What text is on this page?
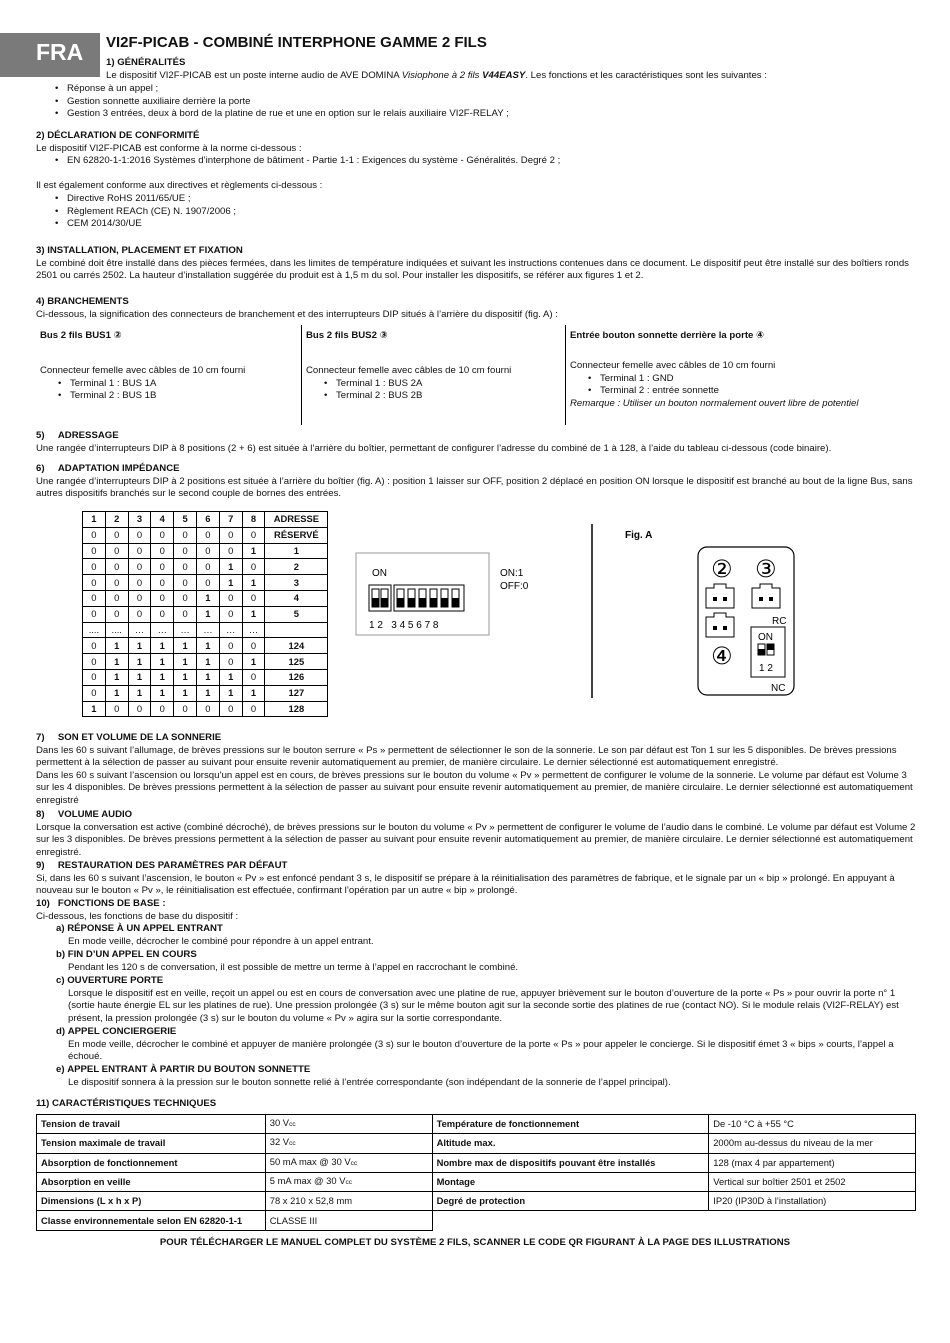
FRA	VI2F-PICAB - COMBINÉ INTERPHONE GAMME 2 FILS
1) GÉNÉRALITÉS
Le dispositif VI2F-PICAB est un poste interne audio de AVE DOMINA Visiophone à 2 fils V44EASY. Les fonctions et les caractéristiques sont les suivantes :
• Réponse à un appel ;
• Gestion sonnette auxiliaire derrière la porte
• Gestion 3 entrées, deux à bord de la platine de rue et une en option sur le relais auxiliaire VI2F-RELAY ;
2) DÉCLARATION DE CONFORMITÉ
Le dispositif VI2F-PICAB est conforme à la norme ci-dessous :
• EN 62820-1-1:2016 Systèmes d’interphone de bâtiment - Partie 1-1 : Exigences du système - Généralités. Degré 2 ;
Il est également conforme aux directives et règlements ci-dessous :
• Directive RoHS 2011/65/UE ;
• Règlement REACh (CE) N. 1907/2006 ;
• CEM 2014/30/UE
3) INSTALLATION, PLACEMENT ET FIXATION
Le combiné doit être installé dans des pièces fermées, dans les limites de température indiquées et suivant les instructions contenues dans ce document. Le dispositif peut être installé sur des boîtiers ronds 2501 ou carrés 2502. La hauteur d’installation suggérée du produit est à 1,5 m du sol. Pour installer les dispositifs, se référer aux figures 1 et 2.
4) BRANCHEMENTS
Ci-dessous, la signification des connecteurs de branchement et des interrupteurs DIP situés à l’arrière du dispositif (fig. A) :
Bus 2 fils BUS1 ②
Connecteur femelle avec câbles de 10 cm fourni
• Terminal 1 : BUS 1A
• Terminal 2 : BUS 1B
Bus 2 fils BUS2 ③
Connecteur femelle avec câbles de 10 cm fourni
• Terminal 1 : BUS 2A
• Terminal 2 : BUS 2B
Entrée bouton sonnette derrière la porte ④
Connecteur femelle avec câbles de 10 cm fourni
• Terminal 1 : GND
• Terminal 2 : entrée sonnette
Remarque : Utiliser un bouton normalement ouvert libre de potentiel
5)     ADRESSAGE
Une rangée d’interrupteurs DIP à 8 positions (2 + 6) est située à l’arrière du boîtier, permettant de configurer l’adresse du combiné de 1 à 128, à l’aide du tableau ci-dessous (code binaire).
6)     ADAPTATION IMPÉDANCE
Une rangée d’interrupteurs DIP à 2 positions est située à l’arrière du boîtier (fig. A) : position 1 laisser sur OFF, position 2 déplacé en position ON lorsque le dispositif est branché au bout de la ligne Bus, sans autres dispositifs branchés sur le second couple de bornes des entrées.
1	2	3	4	5	6	7	8	ADRESSE
0	0	0	0	0	0	0	0	RÉSERVÉ
0	0	0	0	0	0	0	1	1
0	0	0	0	0	0	1	0	2
0	0	0	0	0	0	1	1	3
0	0	0	0	0	1	0	0	4
0	0	0	0	0	1	0	1	5
....	....	…	…	…	…	…	…	
0	1	1	1	1	1	0	0	124
0	1	1	1	1	1	0	1	125
0	1	1	1	1	1	1	0	126
0	1	1	1	1	1	1	1	127
1	0	0	0	0	0	0	0	128
ON
1 2   3 4 5 6 7 8
ON:1
OFF:0
Fig. A
② ③
RC
④
ON
1 2
NC
7)     SON ET VOLUME DE LA SONNERIE
Dans les 60 s suivant l’allumage, de brèves pressions sur le bouton serrure « Ps » permettent de sélectionner le son de la sonnerie. Le son par défaut est Ton 1 sur les 5 disponibles. De brèves pressions permettent à la sélection de passer au suivant pour ensuite revenir automatiquement au premier, de manière circulaire. Le dernier sélectionné est automatiquement enregistré.
Dans les 60 s suivant l’ascension ou lorsqu’un appel est en cours, de brèves pressions sur le bouton du volume « Pv » permettent de configurer le volume de la sonnerie. Le volume par défaut est Volume 3 sur les 4 disponibles. De brèves pressions permettent à la sélection de passer au suivant pour ensuite revenir automatiquement au premier, de manière circulaire. Le dernier sélectionné est automatiquement enregistré
8)     VOLUME AUDIO
Lorsque la conversation est active (combiné décroché), de brèves pressions sur le bouton du volume « Pv » permettent de configurer le volume de l’audio dans le combiné. Le volume par défaut est Volume 2 sur les 3 disponibles. De brèves pressions permettent à la sélection de passer au suivant pour ensuite revenir automatiquement au premier, de manière circulaire. Le dernier sélectionné est automatiquement enregistré.
9)     RESTAURATION DES PARAMÈTRES PAR DÉFAUT
Si, dans les 60 s suivant l’ascension, le bouton « Pv » est enfoncé pendant 3 s, le dispositif se prépare à la réinitialisation des paramètres de fabrique, et le signale par un « bip » prolongé. En appuyant à nouveau sur le bouton « Pv », le réinitialisation est effectuée, confirmant l’opération par un autre « bip » prolongé.
10)   FONCTIONS DE BASE :
Ci-dessous, les fonctions de base du dispositif :
a) RÉPONSE À UN APPEL ENTRANT
En mode veille, décrocher le combiné pour répondre à un appel entrant.
b) FIN D’UN APPEL EN COURS
Pendant les 120 s de conversation, il est possible de mettre un terme à l’appel en raccrochant le combiné.
c) OUVERTURE PORTE
Lorsque le dispositif est en veille, reçoit un appel ou est en cours de conversation avec une platine de rue, appuyer brièvement sur le bouton d’ouverture de la porte « Ps » pour ouvrir la porte n° 1 (sortie haute énergie EL sur les platines de rue). Une pression prolongée (3 s) sur le même bouton agit sur la seconde sortie des platines de rue (contact NO). Si le module relais (VI2F-RELAY) est présent, la pression prolongée (3 s) sur le bouton du volume « Pv » agira sur la sortie correspondante.
d) APPEL CONCIERGERIE
En mode veille, décrocher le combiné et appuyer de manière prolongée (3 s) sur le bouton d’ouverture de la porte « Ps » pour appeler le concierge. Si le dispositif émet 3 « bips » courts, l’appel a échoué.
e) APPEL ENTRANT À PARTIR DU BOUTON SONNETTE
Le dispositif sonnera à la pression sur le bouton sonnette relié à l’entrée correspondante (son indépendant de la sonnerie de l’appel principal).
11) CARACTÉRISTIQUES TECHNIQUES
Tension de travail	30 Vcc	Température de fonctionnement	De -10 °C à +55 °C
Tension maximale de travail	32 Vcc	Altitude max.	2000m au-dessus du niveau de la mer
Absorption de fonctionnement	50 mA max @ 30 Vcc	Nombre max de dispositifs pouvant être installés	128 (max 4 par appartement)
Absorption en veille	5 mA max @ 30 Vcc	Montage	Vertical sur boîtier 2501 et 2502
Dimensions (L x h x P)	78 x 210 x 52,8 mm	Degré de protection	IP20 (IP30D à l’installation)
Classe environnementale selon EN 62820-1-1	CLASSE III		
POUR TÉLÉCHARGER LE MANUEL COMPLET DU SYSTÈME 2 FILS, SCANNER LE CODE QR FIGURANT À LA PAGE DES ILLUSTRATIONS
